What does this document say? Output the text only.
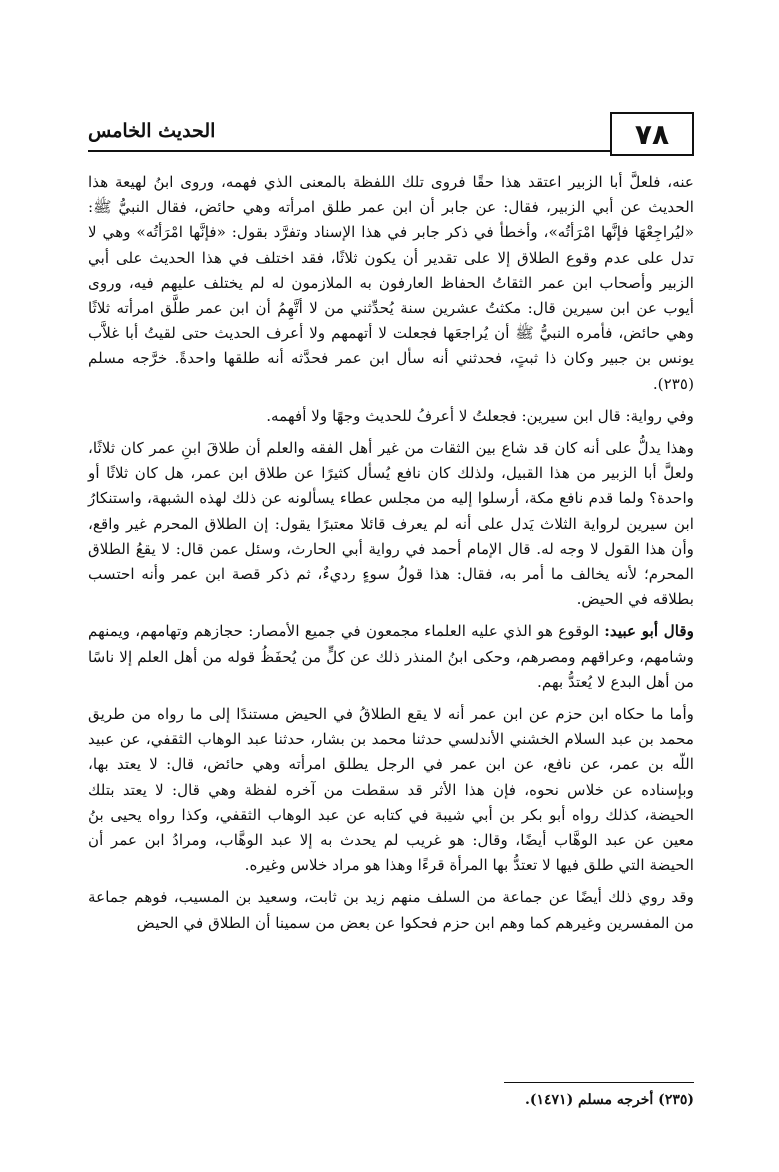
٧٨
الحديث الخامس

عنه، فلعلَّ أبا الزبير اعتقد هذا حقًا فروى تلك اللفظة بالمعنى الذي فهمه، وروى ابنُ لهيعة هذا الحديث عن أبي الزبير، فقال: عن جابر أن ابن عمر طلق امرأته وهي حائض، فقال النبيُّ ﷺ: «ليُراجِعْهَا فإنَّها امْرَأتُه»، وأخطأ في ذكر جابر في هذا الإسناد وتفرَّد بقول: «فإنَّها امْرَأتُه» وهي لا تدل على عدم وقوع الطلاق إلا على تقدير أن يكون ثلاثًا، فقد اختلف في هذا الحديث على أبي الزبير وأصحاب ابن عمر الثقاتُ الحفاظ العارفون به الملازمون له لم يختلف عليهم فيه، وروى أيوب عن ابن سيرين قال: مكثتُ عشرين سنة يُحدِّثني من لا أتَّهِمُ أن ابن عمر طلَّق امرأته ثلاثًا وهي حائض، فأمره النبيُّ ﷺ أن يُراجعَها فجعلت لا أتهمهم ولا أعرف الحديث حتى لقيتُ أبا غلاَّب يونس بن جبير وكان ذا ثبتٍ، فحدثني أنه سأل ابن عمر فحدَّثه أنه طلقها واحدةً. خرَّجه مسلم (٢٣٥).

وفي رواية: قال ابن سيرين: فجعلتُ لا أعرفُ للحديث وجهًا ولا أفهمه.

وهذا يدلُّ على أنه كان قد شاع بين الثقات من غير أهل الفقه والعلم أن طلاقَ ابنِ عمر كان ثلاثًا، ولعلَّ أبا الزبير من هذا القبيل، ولذلك كان نافع يُسأل كثيرًا عن طلاق ابن عمر، هل كان ثلاثًا أو واحدة؟ ولما قدم نافع مكة، أرسلوا إليه من مجلس عطاء يسألونه عن ذلك لهذه الشبهة، واستنكارُ ابن سيرين لرواية الثلاث يَدل على أنه لم يعرف قائلا معتبرًا يقول: إن الطلاق المحرم غير واقع، وأن هذا القول لا وجه له. قال الإمام أحمد في رواية أبي الحارث، وسئل عمن قال: لا يقعُ الطلاق المحرم؛ لأنه يخالف ما أمر به، فقال: هذا قولُ سوءٍ رديءٌ، ثم ذكر قصة ابن عمر وأنه احتسب بطلاقه في الحيض.

وقال أبو عبيد: الوقوع هو الذي عليه العلماء مجمعون في جميع الأمصار: حجازهم وتهامهم، ويمنهم وشامهم، وعراقهم ومصرهم، وحكى ابنُ المنذر ذلك عن كلٍّ من يُحفَظُ قوله من أهل العلم إلا ناسًا من أهل البدع لا يُعتدُّ بهم.

وأما ما حكاه ابن حزم عن ابن عمر أنه لا يقع الطلاقُ في الحيض مستندًا إلى ما رواه من طريق محمد بن عبد السلام الخشني الأندلسي حدثنا محمد بن بشار، حدثنا عبد الوهاب الثقفي، عن عبيد اللّه بن عمر، عن نافع، عن ابن عمر في الرجل يطلق امرأته وهي حائض، قال: لا يعتد بها، وبإسناده عن خلاس نحوه، فإن هذا الأثر قد سقطت من آخره لفظة وهي قال: لا يعتد بتلك الحيضة، كذلك رواه أبو بكر بن أبي شيبة في كتابه عن عبد الوهاب الثقفي، وكذا رواه يحيى بنُ معين عن عبد الوهَّاب أيضًا، وقال: هو غريب لم يحدث به إلا عبد الوهَّاب، ومرادُ ابن عمر أن الحيضة التي طلق فيها لا تعتدُّ بها المرأة قرءًا وهذا هو مراد خلاس وغيره.

وقد روي ذلك أيضًا عن جماعة من السلف منهم زيد بن ثابت، وسعيد بن المسيب، فوهم جماعة من المفسرين وغيرهم كما وهم ابن حزم فحكوا عن بعض من سمينا أن الطلاق في الحيض

(٢٣٥) أخرجه مسلم (١٤٧١).
